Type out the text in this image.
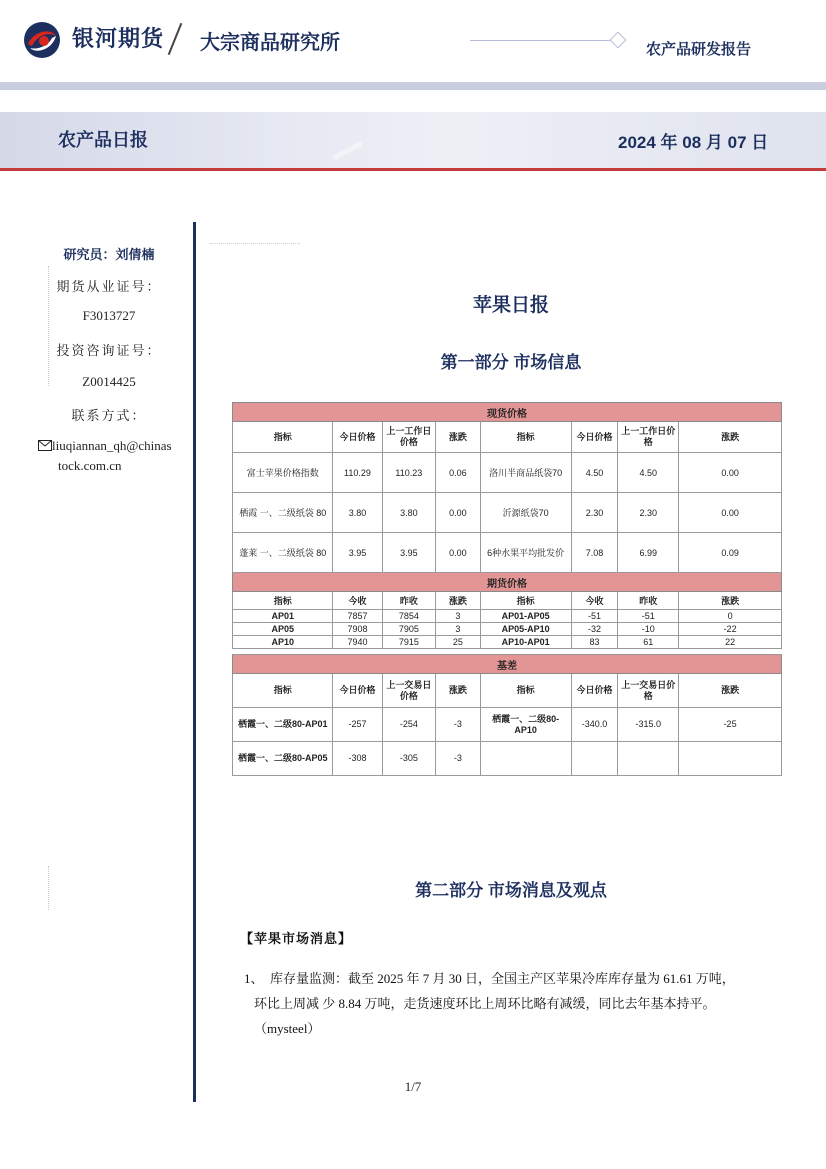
银河期货 大宗商品研究所	农产品研发报告
农产品日报	2024 年 08 月 07 日
研究员：刘倩楠
期货从业证号：
F3013727
投资咨询证号：
Z0014425
联系方式：
liuqiannan_qh@chinas
tock.com.cn
苹果日报
第一部分 市场信息
现货价格							
指标	今日价格	上一工作日价格	涨跌	指标	今日价格	上一工作日价格	涨跌
富士苹果价格指数	110.29	110.23	0.06	洛川半商品纸袋70	4.50	4.50	0.00
栖霞 一、二级纸袋 80	3.80	3.80	0.00	沂源纸袋70	2.30	2.30	0.00
蓬莱 一、二级纸袋 80	3.95	3.95	0.00	6种水果平均批发价	7.08	6.99	0.09
期货价格							
指标	今收	昨收	涨跌	指标	今收	昨收	涨跌
AP01	7857	7854	3	AP01-AP05	-51	-51	0
AP05	7908	7905	3	AP05-AP10	-32	-10	-22
AP10	7940	7915	25	AP10-AP01	83	61	22

基差							
指标	今日价格	上一交易日价格	涨跌	指标	今日价格	上一交易日价格	涨跌
栖霞一、二级80-AP01	-257	-254	-3	栖霞一、二级80-AP10	-340.0	-315.0	-25
栖霞一、二级80-AP05	-308	-305	-3				
第二部分 市场消息及观点
【苹果市场消息】
1、 库存量监测：截至 2025 年 7 月 30 日，全国主产区苹果冷库库存量为 61.61 万吨，
环比上周减 少 8.84 万吨，走货速度环比上周环比略有减缓，同比去年基本持平。
（mysteel）
1/7
